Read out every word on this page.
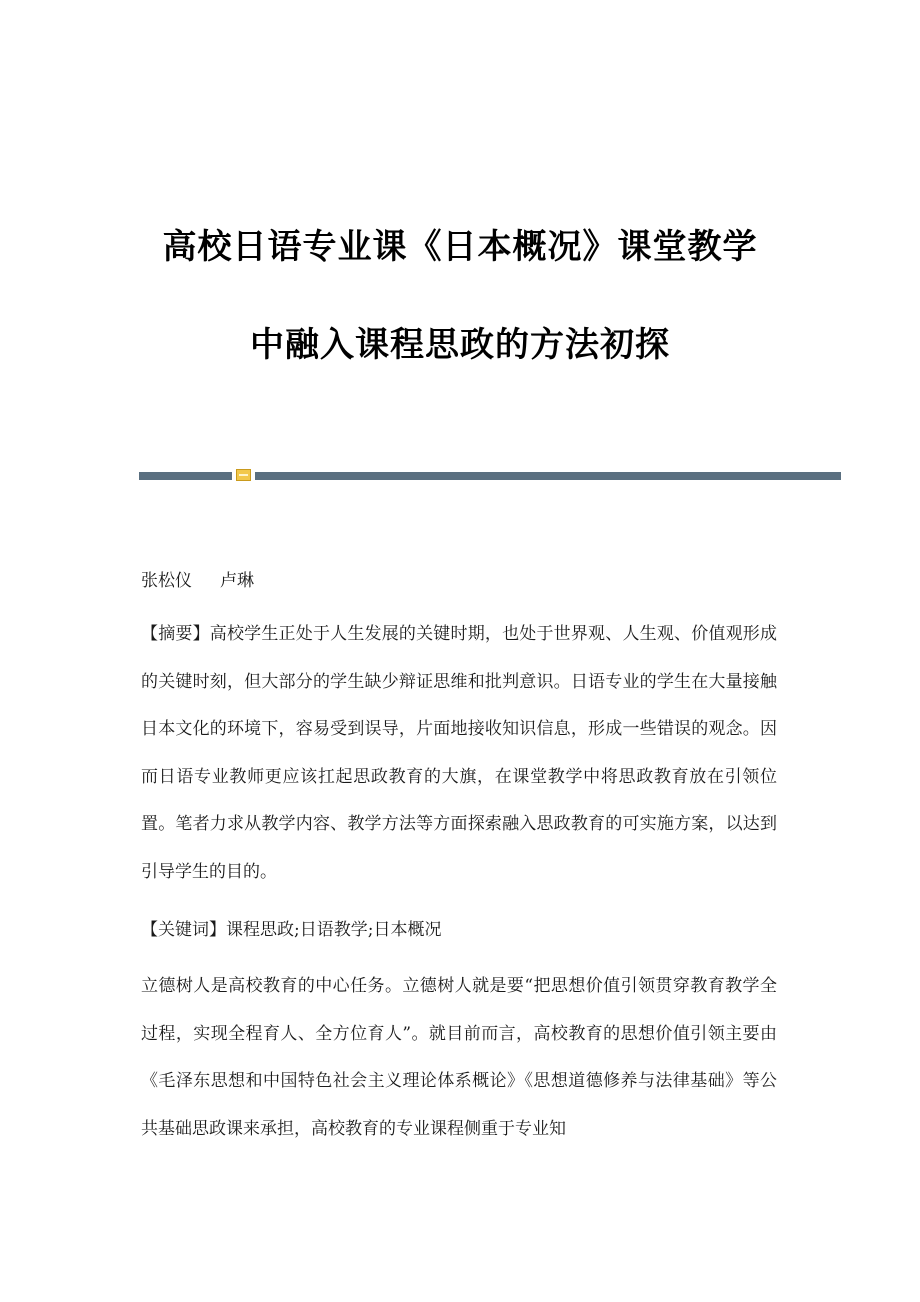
高校日语专业课《日本概况》课堂教学
中融入课程思政的方法初探

张松仪 卢琳

【摘要】高校学生正处于人生发展的关键时期，也处于世界观、人生观、价值观形成的关键时刻，但大部分的学生缺少辩证思维和批判意识。日语专业的学生在大量接触日本文化的环境下，容易受到误导，片面地接收知识信息，形成一些错误的观念。因而日语专业教师更应该扛起思政教育的大旗，在课堂教学中将思政教育放在引领位置。笔者力求从教学内容、教学方法等方面探索融入思政教育的可实施方案，以达到引导学生的目的。

【关键词】课程思政;日语教学;日本概况

立德树人是高校教育的中心任务。立德树人就是要“把思想价值引领贯穿教育教学全过程，实现全程育人、全方位育人”。就目前而言，高校教育的思想价值引领主要由《毛泽东思想和中国特色社会主义理论体系概论》《思想道德修养与法律基础》等公共基础思政课来承担，高校教育的专业课程侧重于专业知
